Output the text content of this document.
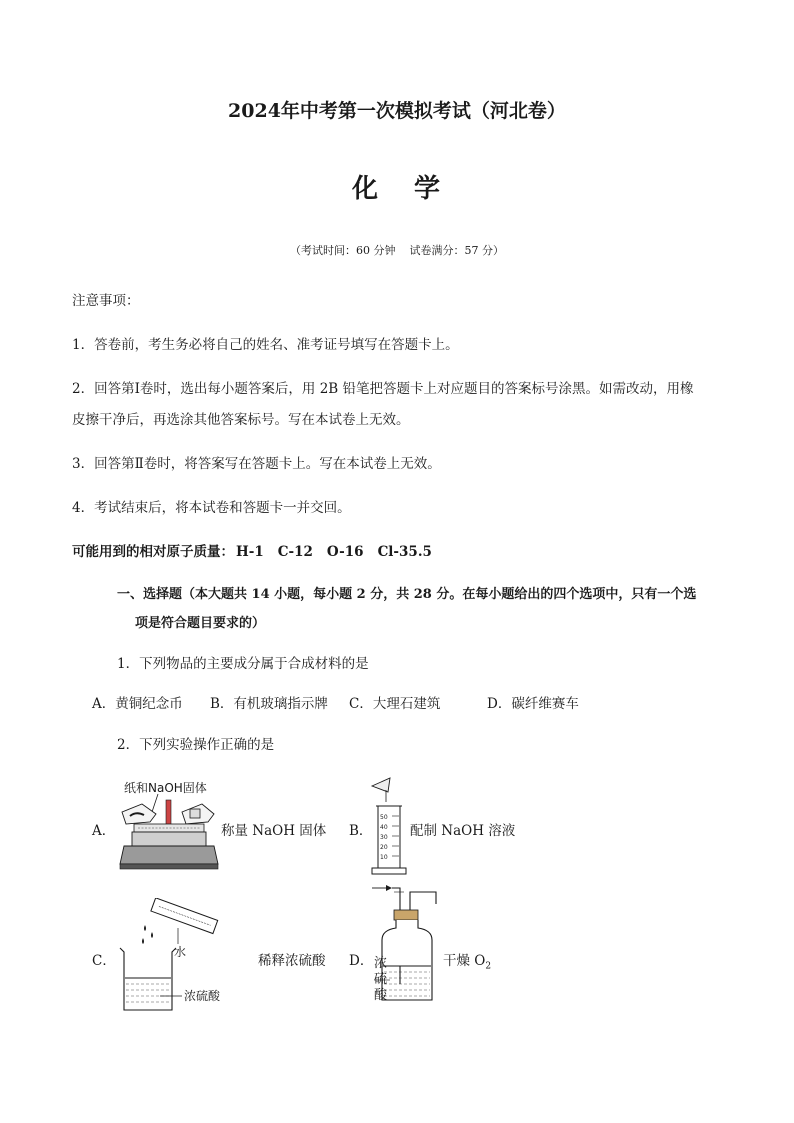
2024年中考第一次模拟考试（河北卷）
化 学
（考试时间：60 分钟 试卷满分：57 分）
注意事项：
1．答卷前，考生务必将自己的姓名、准考证号填写在答题卡上。
2．回答第Ⅰ卷时，选出每小题答案后，用 2B 铅笔把答题卡上对应题目的答案标号涂黑。如需改动，用橡
皮擦干净后，再选涂其他答案标号。写在本试卷上无效。
3．回答第Ⅱ卷时，将答案写在答题卡上。写在本试卷上无效。
4．考试结束后，将本试卷和答题卡一并交回。
可能用到的相对原子质量： H-1 C-12 O-16 Cl-35.5
一、选择题（本大题共 14 小题，每小题 2 分，共 28 分。在每小题给出的四个选项中，只有一个选
项是符合题目要求的）
1．下列物品的主要成分属于合成材料的是
A．黄铜纪念币 B．有机玻璃指示牌 C．大理石建筑	D．碳纤维赛车
2．下列实验操作正确的是
A．
纸和NaOH固体
称量 NaOH 固体 B．
50
40
30
20
10
配制 NaOH 溶液
C．
水
浓硫酸
稀释浓硫酸 D． 浓
硫
酸
干燥 $O_2$
